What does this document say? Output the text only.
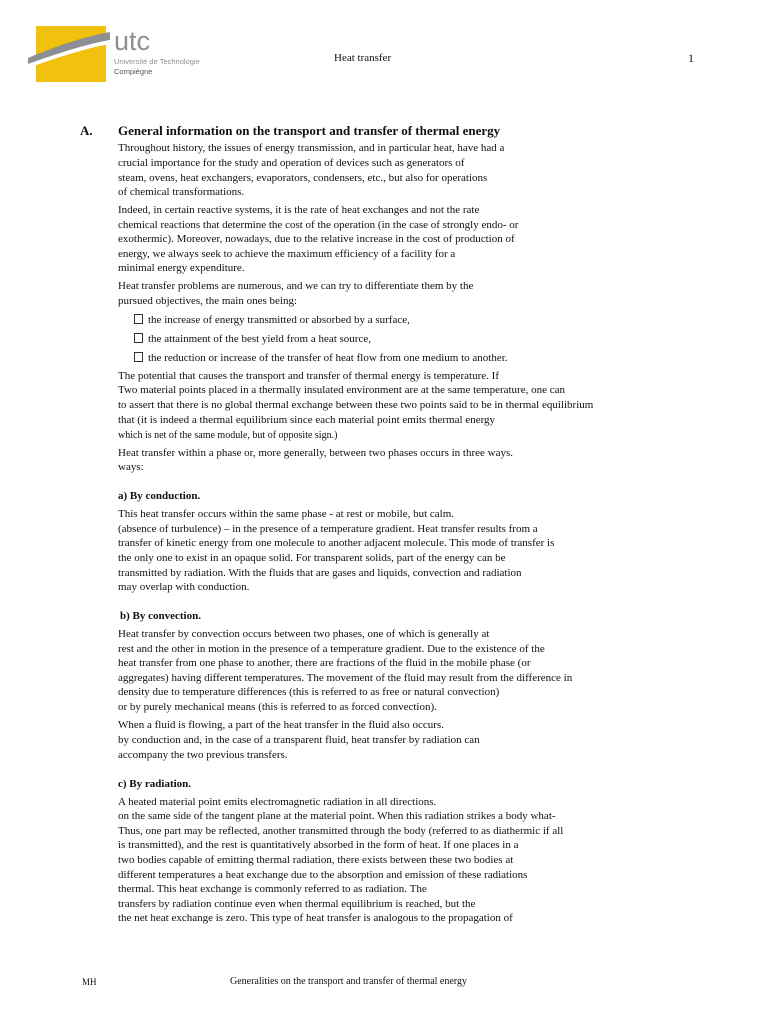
utc
Université de Technologie
Compiègne
Heat transfer	1
A. General information on the transport and transfer of thermal energy
Throughout history, the issues of energy transmission, and in particular heat, have had a
crucial importance for the study and operation of devices such as generators of
steam, ovens, heat exchangers, evaporators, condensers, etc., but also for operations
of chemical transformations.
Indeed, in certain reactive systems, it is the rate of heat exchanges and not the rate
chemical reactions that determine the cost of the operation (in the case of strongly endo- or
exothermic). Moreover, nowadays, due to the relative increase in the cost of production of
energy, we always seek to achieve the maximum efficiency of a facility for a
minimal energy expenditure.
Heat transfer problems are numerous, and we can try to differentiate them by the
pursued objectives, the main ones being:
the increase of energy transmitted or absorbed by a surface,
the attainment of the best yield from a heat source,
the reduction or increase of the transfer of heat flow from one medium to another.
The potential that causes the transport and transfer of thermal energy is temperature. If
Two material points placed in a thermally insulated environment are at the same temperature, one can
to assert that there is no global thermal exchange between these two points said to be in thermal equilibrium
that (it is indeed a thermal equilibrium since each material point emits thermal energy
which is net of the same module, but of opposite sign.)
Heat transfer within a phase or, more generally, between two phases occurs in three ways.
ways:
a) By conduction.
This heat transfer occurs within the same phase - at rest or mobile, but calm.
(absence of turbulence) – in the presence of a temperature gradient. Heat transfer results from a
transfer of kinetic energy from one molecule to another adjacent molecule. This mode of transfer is
the only one to exist in an opaque solid. For transparent solids, part of the energy can be
transmitted by radiation. With the fluids that are gases and liquids, convection and radiation
may overlap with conduction.
b) By convection.
Heat transfer by convection occurs between two phases, one of which is generally at
rest and the other in motion in the presence of a temperature gradient. Due to the existence of the
heat transfer from one phase to another, there are fractions of the fluid in the mobile phase (or
aggregates) having different temperatures. The movement of the fluid may result from the difference in
density due to temperature differences (this is referred to as free or natural convection)
or by purely mechanical means (this is referred to as forced convection).
When a fluid is flowing, a part of the heat transfer in the fluid also occurs.
by conduction and, in the case of a transparent fluid, heat transfer by radiation can
accompany the two previous transfers.
c) By radiation.
A heated material point emits electromagnetic radiation in all directions.
on the same side of the tangent plane at the material point. When this radiation strikes a body what-
Thus, one part may be reflected, another transmitted through the body (referred to as diathermic if all
is transmitted), and the rest is quantitatively absorbed in the form of heat. If one places in a
two bodies capable of emitting thermal radiation, there exists between these two bodies at
different temperatures a heat exchange due to the absorption and emission of these radiations
thermal. This heat exchange is commonly referred to as radiation. The
transfers by radiation continue even when thermal equilibrium is reached, but the
the net heat exchange is zero. This type of heat transfer is analogous to the propagation of
MH	Generalities on the transport and transfer of thermal energy
